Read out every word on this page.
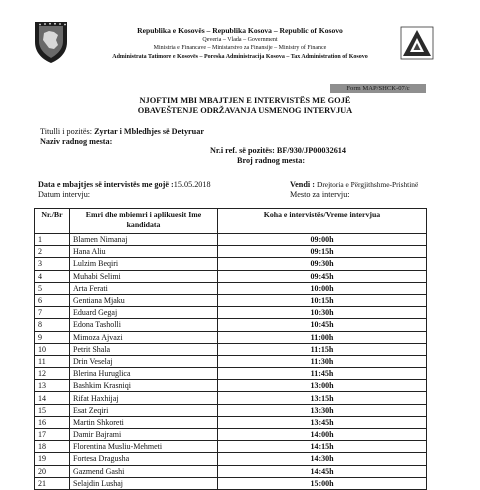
Republika e Kosovës – Republika Kosova – Republic of Kosovo
Qeveria – Vlada – Government
Ministria e Financave – Ministarstvo za Finansije – Ministry of Finance
Administrata Tatimore e Kosovës – Poreska Administracija Kosova – Tax Administration of Kosovo
Form MAP/SHCK-07/c
NJOFTIM MBI MBAJTJEN E INTERVISTËS ME GOJË
OBAVEŠTENJE ODRŽAVANJA USMENOG INTERVJUA
Titulli i pozitës: Zyrtar i Mbledhjes së Detyruar
Naziv radnog mesta:
Nr.i ref. së pozitës: BF/930/JP00032614
Broj radnog mesta:
Data e mbajtjes së intervistës me gojë :15.05.2018
Datum intervju:
Vendi : Drejtoria e Përgjithshme-Prishtinë
Mesto za intervju:
Nr./Br	Emri dhe mbiemri i aplikuesit Ime kandidata	Koha e intervistës/Vreme intervjua
1	Blamen Nimanaj	09:00h
2	Hana Aliu	09:15h
3	Lulzim Beqiri	09:30h
4	Muhabi Selimi	09:45h
5	Arta Ferati	10:00h
6	Gentiana Mjaku	10:15h
7	Eduard Gegaj	10:30h
8	Edona Tasholli	10:45h
9	Mimoza Ajvazi	11:00h
10	Petrit Shala	11:15h
11	Drin Veselaj	11:30h
12	Blerina Huruglica	11:45h
13	Bashkim Krasniqi	13:00h
14	Rifat Haxhijaj	13:15h
15	Esat Zeqiri	13:30h
16	Martin Shkoreti	13:45h
17	Damir Bajrami	14:00h
18	Florentina Musliu-Mehmeti	14:15h
19	Fortesa Dragusha	14:30h
20	Gazmend Gashi	14:45h
21	Selajdin Lushaj	15:00h
